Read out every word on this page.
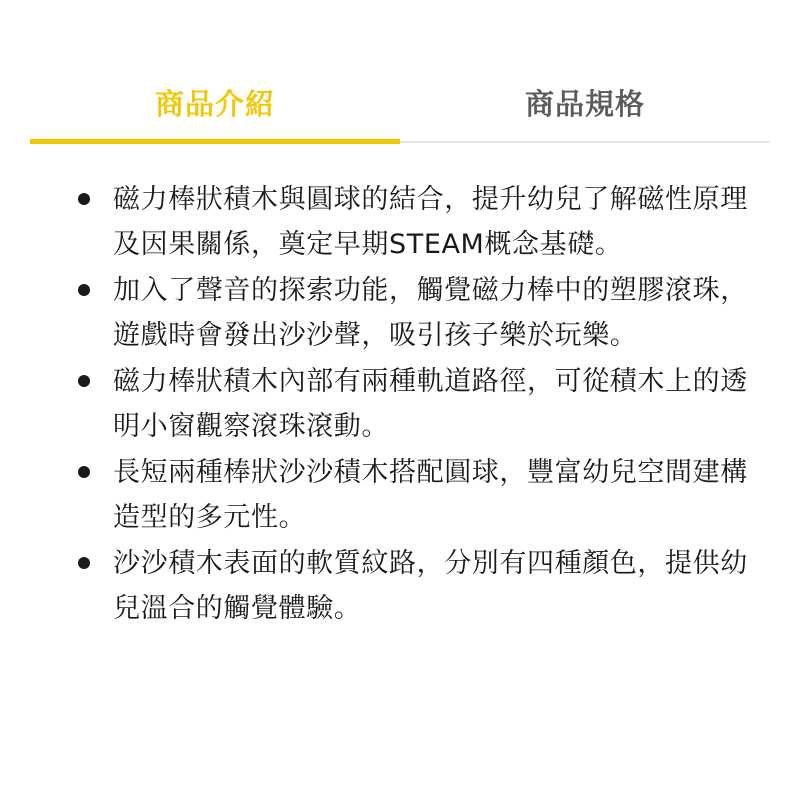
商品介紹	商品規格
磁力棒狀積木與圓球的結合，提升幼兒了解磁性原理及因果關係，奠定早期STEAM概念基礎。
加入了聲音的探索功能，觸覺磁力棒中的塑膠滾珠，遊戲時會發出沙沙聲，吸引孩子樂於玩樂。
磁力棒狀積木內部有兩種軌道路徑，可從積木上的透明小窗觀察滾珠滾動。
長短兩種棒狀沙沙積木搭配圓球，豐富幼兒空間建構造型的多元性。
沙沙積木表面的軟質紋路，分別有四種顏色，提供幼兒溫合的觸覺體驗。
